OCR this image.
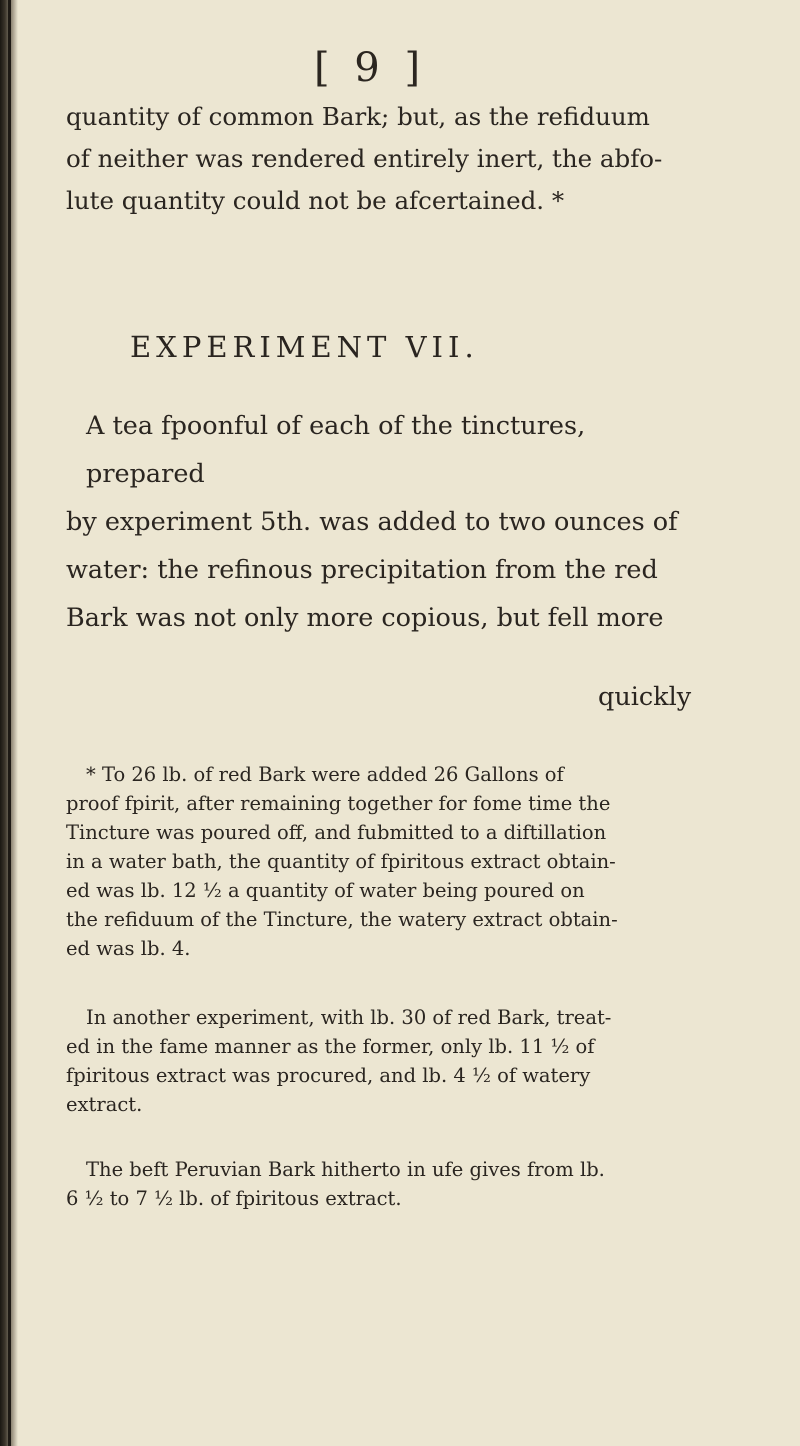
[ 9 ]

quantity of common Bark; but, as the refiduum

of neither was rendered entirely inert, the abfo-

lute quantity could not be afcertained. *

EXPERIMENT VII.

A tea fpoonful of each of the tinctures, prepared

by experiment 5th. was added to two ounces of

water: the refinous precipitation from the red

Bark was not only more copious, but fell more

quickly

* To 26 lb. of red Bark were added 26 Gallons of

proof fpirit, after remaining together for fome time the

Tincture was poured off, and fubmitted to a diftillation

in a water bath, the quantity of fpiritous extract obtain-

ed was lb. 12 ½ a quantity of water being poured on

the refiduum of the Tincture, the watery extract obtain-

ed was lb. 4.

In another experiment, with lb. 30 of red Bark, treat-

ed in the fame manner as the former, only lb. 11 ½ of

fpiritous extract was procured, and lb. 4 ½ of watery

extract.

The beft Peruvian Bark hitherto in ufe gives from lb.

6 ½ to 7 ½ lb. of fpiritous extract.
